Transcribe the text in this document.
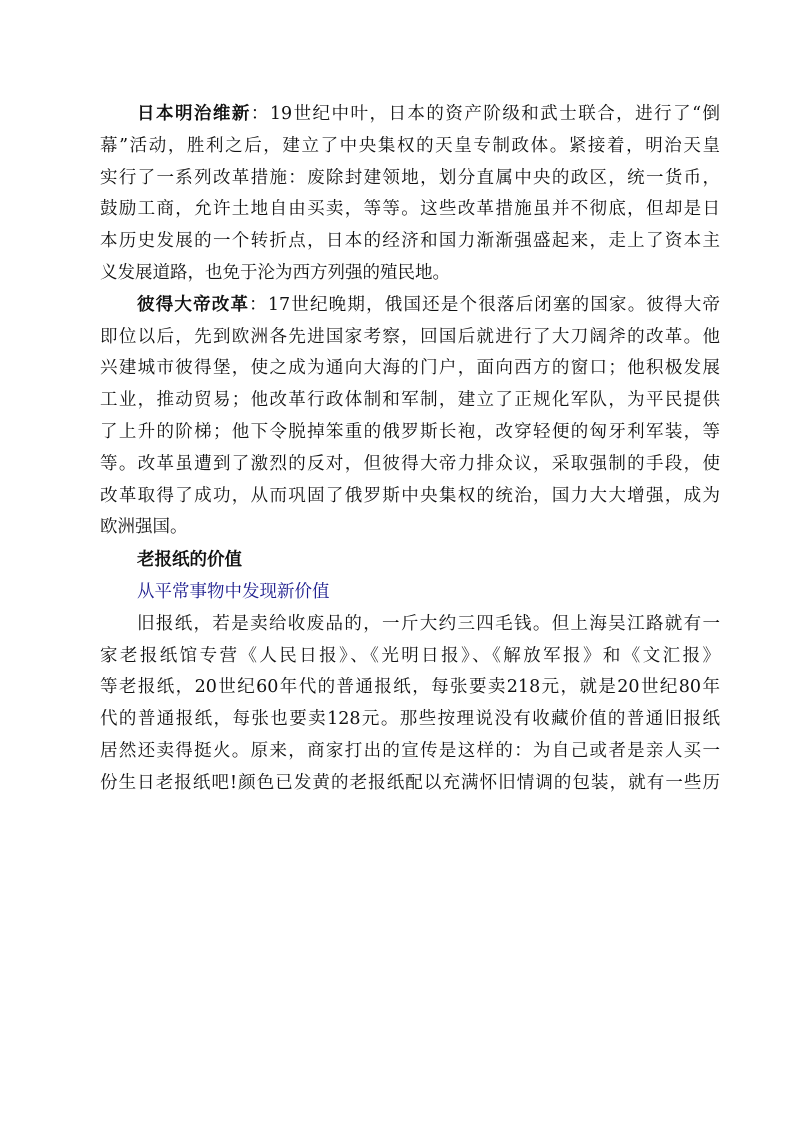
日本明治维新：19世纪中叶，日本的资产阶级和武士联合，进行了“倒
幕”活动，胜利之后，建立了中央集权的天皇专制政体。紧接着，明治天皇
实行了一系列改革措施：废除封建领地，划分直属中央的政区，统一货币，
鼓励工商，允许土地自由买卖，等等。这些改革措施虽并不彻底，但却是日
本历史发展的一个转折点，日本的经济和国力渐渐强盛起来，走上了资本主
义发展道路，也免于沦为西方列强的殖民地。
彼得大帝改革：17世纪晚期，俄国还是个很落后闭塞的国家。彼得大帝
即位以后，先到欧洲各先进国家考察，回国后就进行了大刀阔斧的改革。他
兴建城市彼得堡，使之成为通向大海的门户，面向西方的窗口；他积极发展
工业，推动贸易；他改革行政体制和军制，建立了正规化军队，为平民提供
了上升的阶梯；他下令脱掉笨重的俄罗斯长袍，改穿轻便的匈牙利军装，等
等。改革虽遭到了激烈的反对，但彼得大帝力排众议，采取强制的手段，使
改革取得了成功，从而巩固了俄罗斯中央集权的统治，国力大大增强，成为
欧洲强国。
老报纸的价值
从平常事物中发现新价值
旧报纸，若是卖给收废品的，一斤大约三四毛钱。但上海吴江路就有一
家老报纸馆专营《人民日报》、《光明日报》、《解放军报》和《文汇报》
等老报纸，20世纪60年代的普通报纸，每张要卖218元，就是20世纪80年
代的普通报纸，每张也要卖128元。那些按理说没有收藏价值的普通旧报纸
居然还卖得挺火。原来，商家打出的宣传是这样的：为自己或者是亲人买一
份生日老报纸吧!颜色已发黄的老报纸配以充满怀旧情调的包装，就有一些历
